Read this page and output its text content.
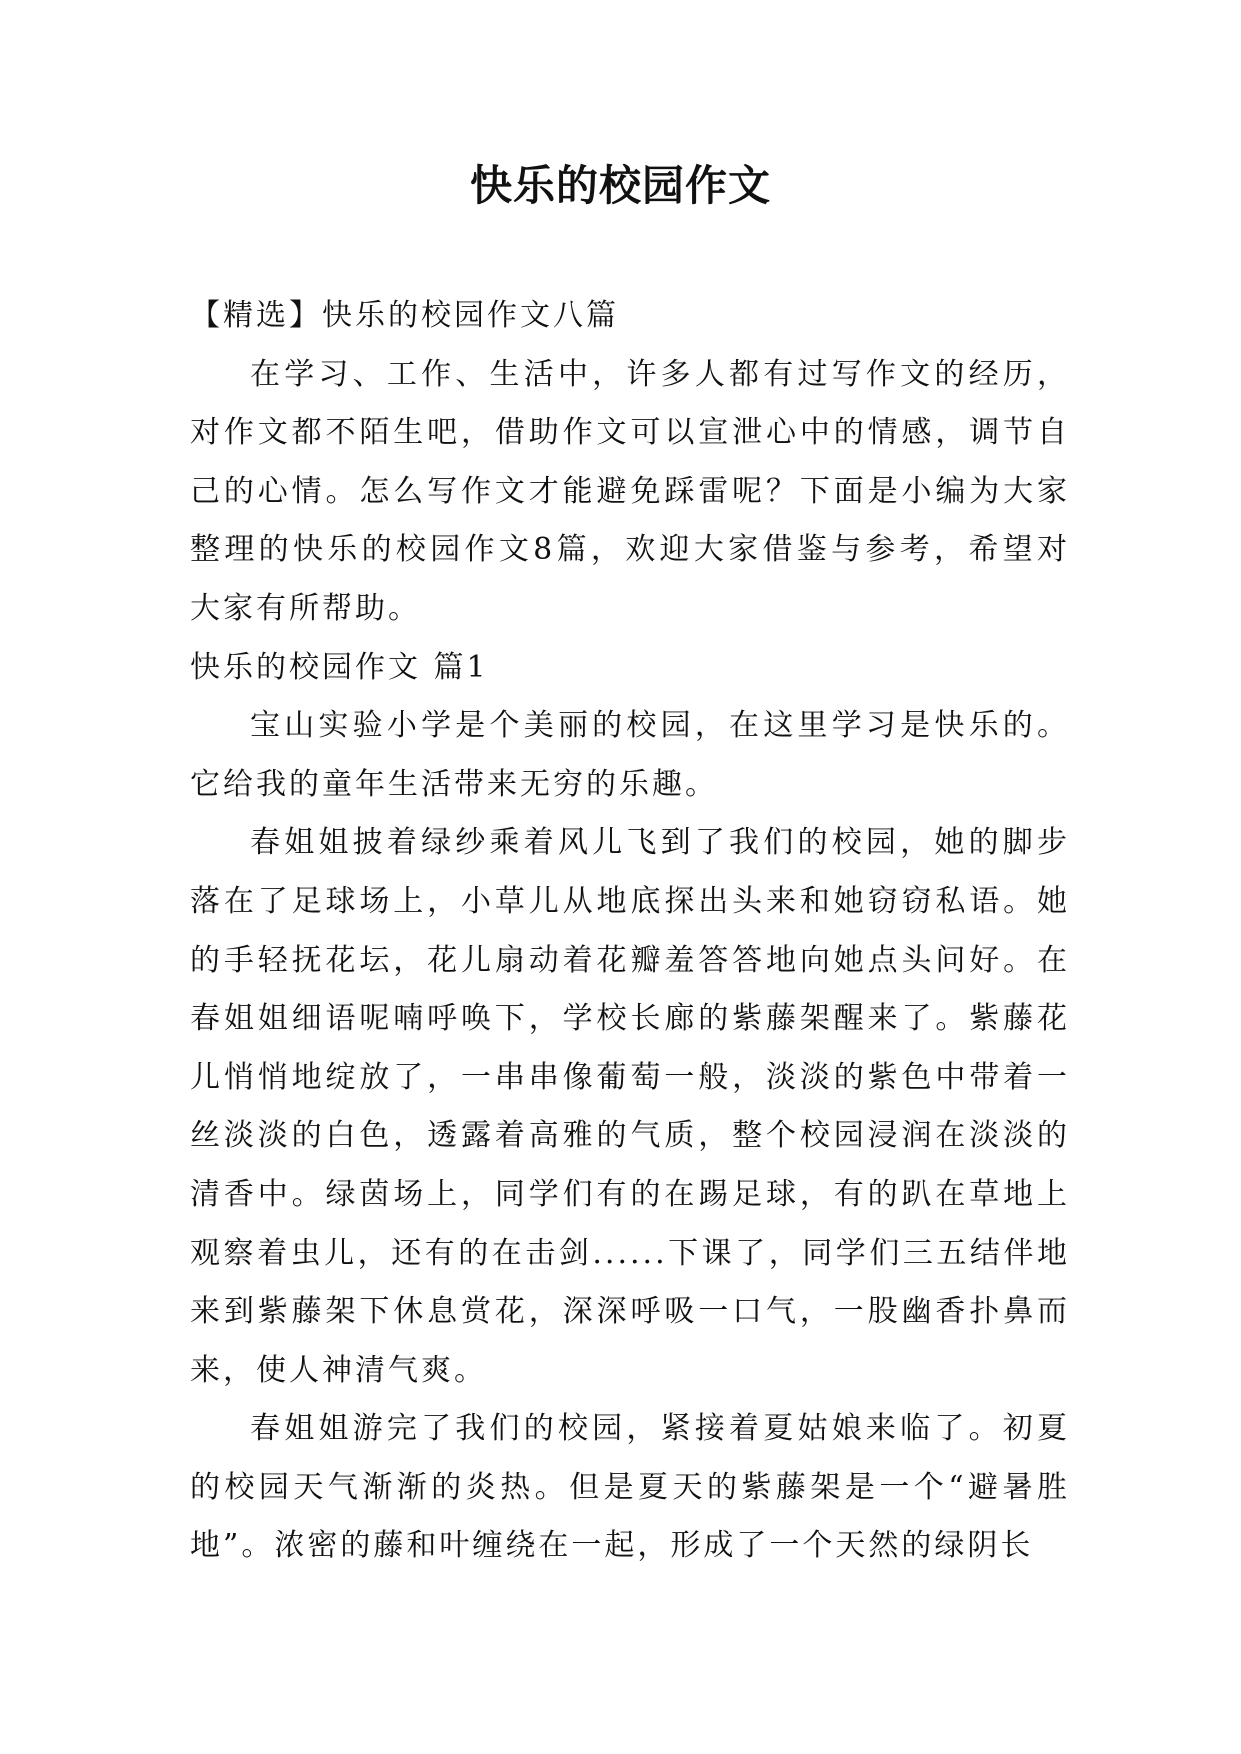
快乐的校园作文

【精选】快乐的校园作文八篇

在学习、工作、生活中，许多人都有过写作文的经历，对作文都不陌生吧，借助作文可以宣泄心中的情感，调节自己的心情。怎么写作文才能避免踩雷呢？下面是小编为大家整理的快乐的校园作文8篇，欢迎大家借鉴与参考，希望对大家有所帮助。

快乐的校园作文 篇1

宝山实验小学是个美丽的校园，在这里学习是快乐的。它给我的童年生活带来无穷的乐趣。

春姐姐披着绿纱乘着风儿飞到了我们的校园，她的脚步落在了足球场上，小草儿从地底探出头来和她窃窃私语。她的手轻抚花坛，花儿扇动着花瓣羞答答地向她点头问好。在春姐姐细语呢喃呼唤下，学校长廊的紫藤架醒来了。紫藤花儿悄悄地绽放了，一串串像葡萄一般，淡淡的紫色中带着一丝淡淡的白色，透露着高雅的气质，整个校园浸润在淡淡的清香中。绿茵场上，同学们有的在踢足球，有的趴在草地上观察着虫儿，还有的在击剑......下课了，同学们三五结伴地来到紫藤架下休息赏花，深深呼吸一口气，一股幽香扑鼻而来，使人神清气爽。

春姐姐游完了我们的校园，紧接着夏姑娘来临了。初夏的校园天气渐渐的炎热。但是夏天的紫藤架是一个“避暑胜地”。浓密的藤和叶缠绕在一起，形成了一个天然的绿阴长
